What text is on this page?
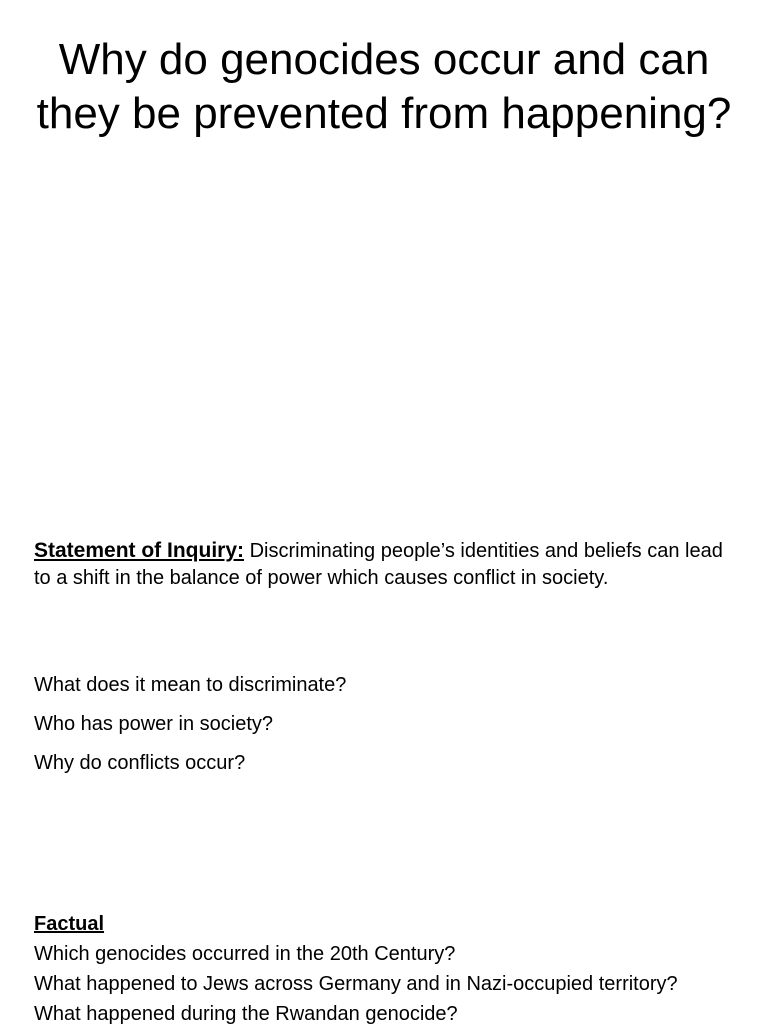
Why do genocides occur and can
they be prevented from happening?

Statement of Inquiry: Discriminating people’s identities and beliefs can lead to a shift in the balance of power which causes conflict in society.

What does it mean to discriminate?
Who has power in society?
Why do conflicts occur?
Factual
Which genocides occurred in the 20th Century?
What happened to Jews across Germany and in Nazi-occupied territory?
What happened during the Rwandan genocide?
